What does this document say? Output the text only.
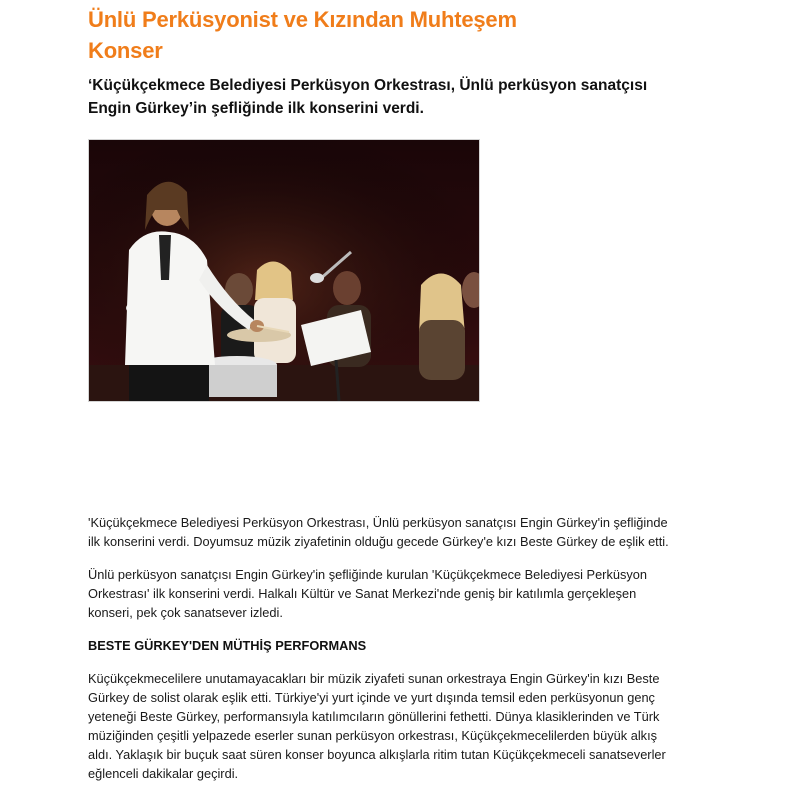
Ünlü Perküsyonist ve Kızından Muhteşem
Konser
‘Küçükçekmece Belediyesi Perküsyon Orkestrası, Ünlü perküsyon sanatçısı
Engin Gürkey’in şefliğinde ilk konserini verdi.

'Küçükçekmece Belediyesi Perküsyon Orkestrası, Ünlü perküsyon sanatçısı Engin Gürkey'in şefliğinde
ilk konserini verdi. Doyumsuz müzik ziyafetinin olduğu gecede Gürkey'e kızı Beste Gürkey de eşlik etti.

Ünlü perküsyon sanatçısı Engin Gürkey'in şefliğinde kurulan 'Küçükçekmece Belediyesi Perküsyon
Orkestrası' ilk konserini verdi. Halkalı Kültür ve Sanat Merkezi'nde geniş bir katılımla gerçekleşen
konseri, pek çok sanatsever izledi.

BESTE GÜRKEY'DEN MÜTHİŞ PERFORMANS

Küçükçekmecelilere unutamayacakları bir müzik ziyafeti sunan orkestraya Engin Gürkey'in kızı Beste
Gürkey de solist olarak eşlik etti. Türkiye'yi yurt içinde ve yurt dışında temsil eden perküsyonun genç
yeteneği Beste Gürkey, performansıyla katılımcıların gönüllerini fethetti. Dünya klasiklerinden ve Türk
müziğinden çeşitli yelpazede eserler sunan perküsyon orkestrası, Küçükçekmecelilerden büyük alkış
aldı. Yaklaşık bir buçuk saat süren konser boyunca alkışlarla ritim tutan Küçükçekmeceli sanatseverler
eğlenceli dakikalar geçirdi.
